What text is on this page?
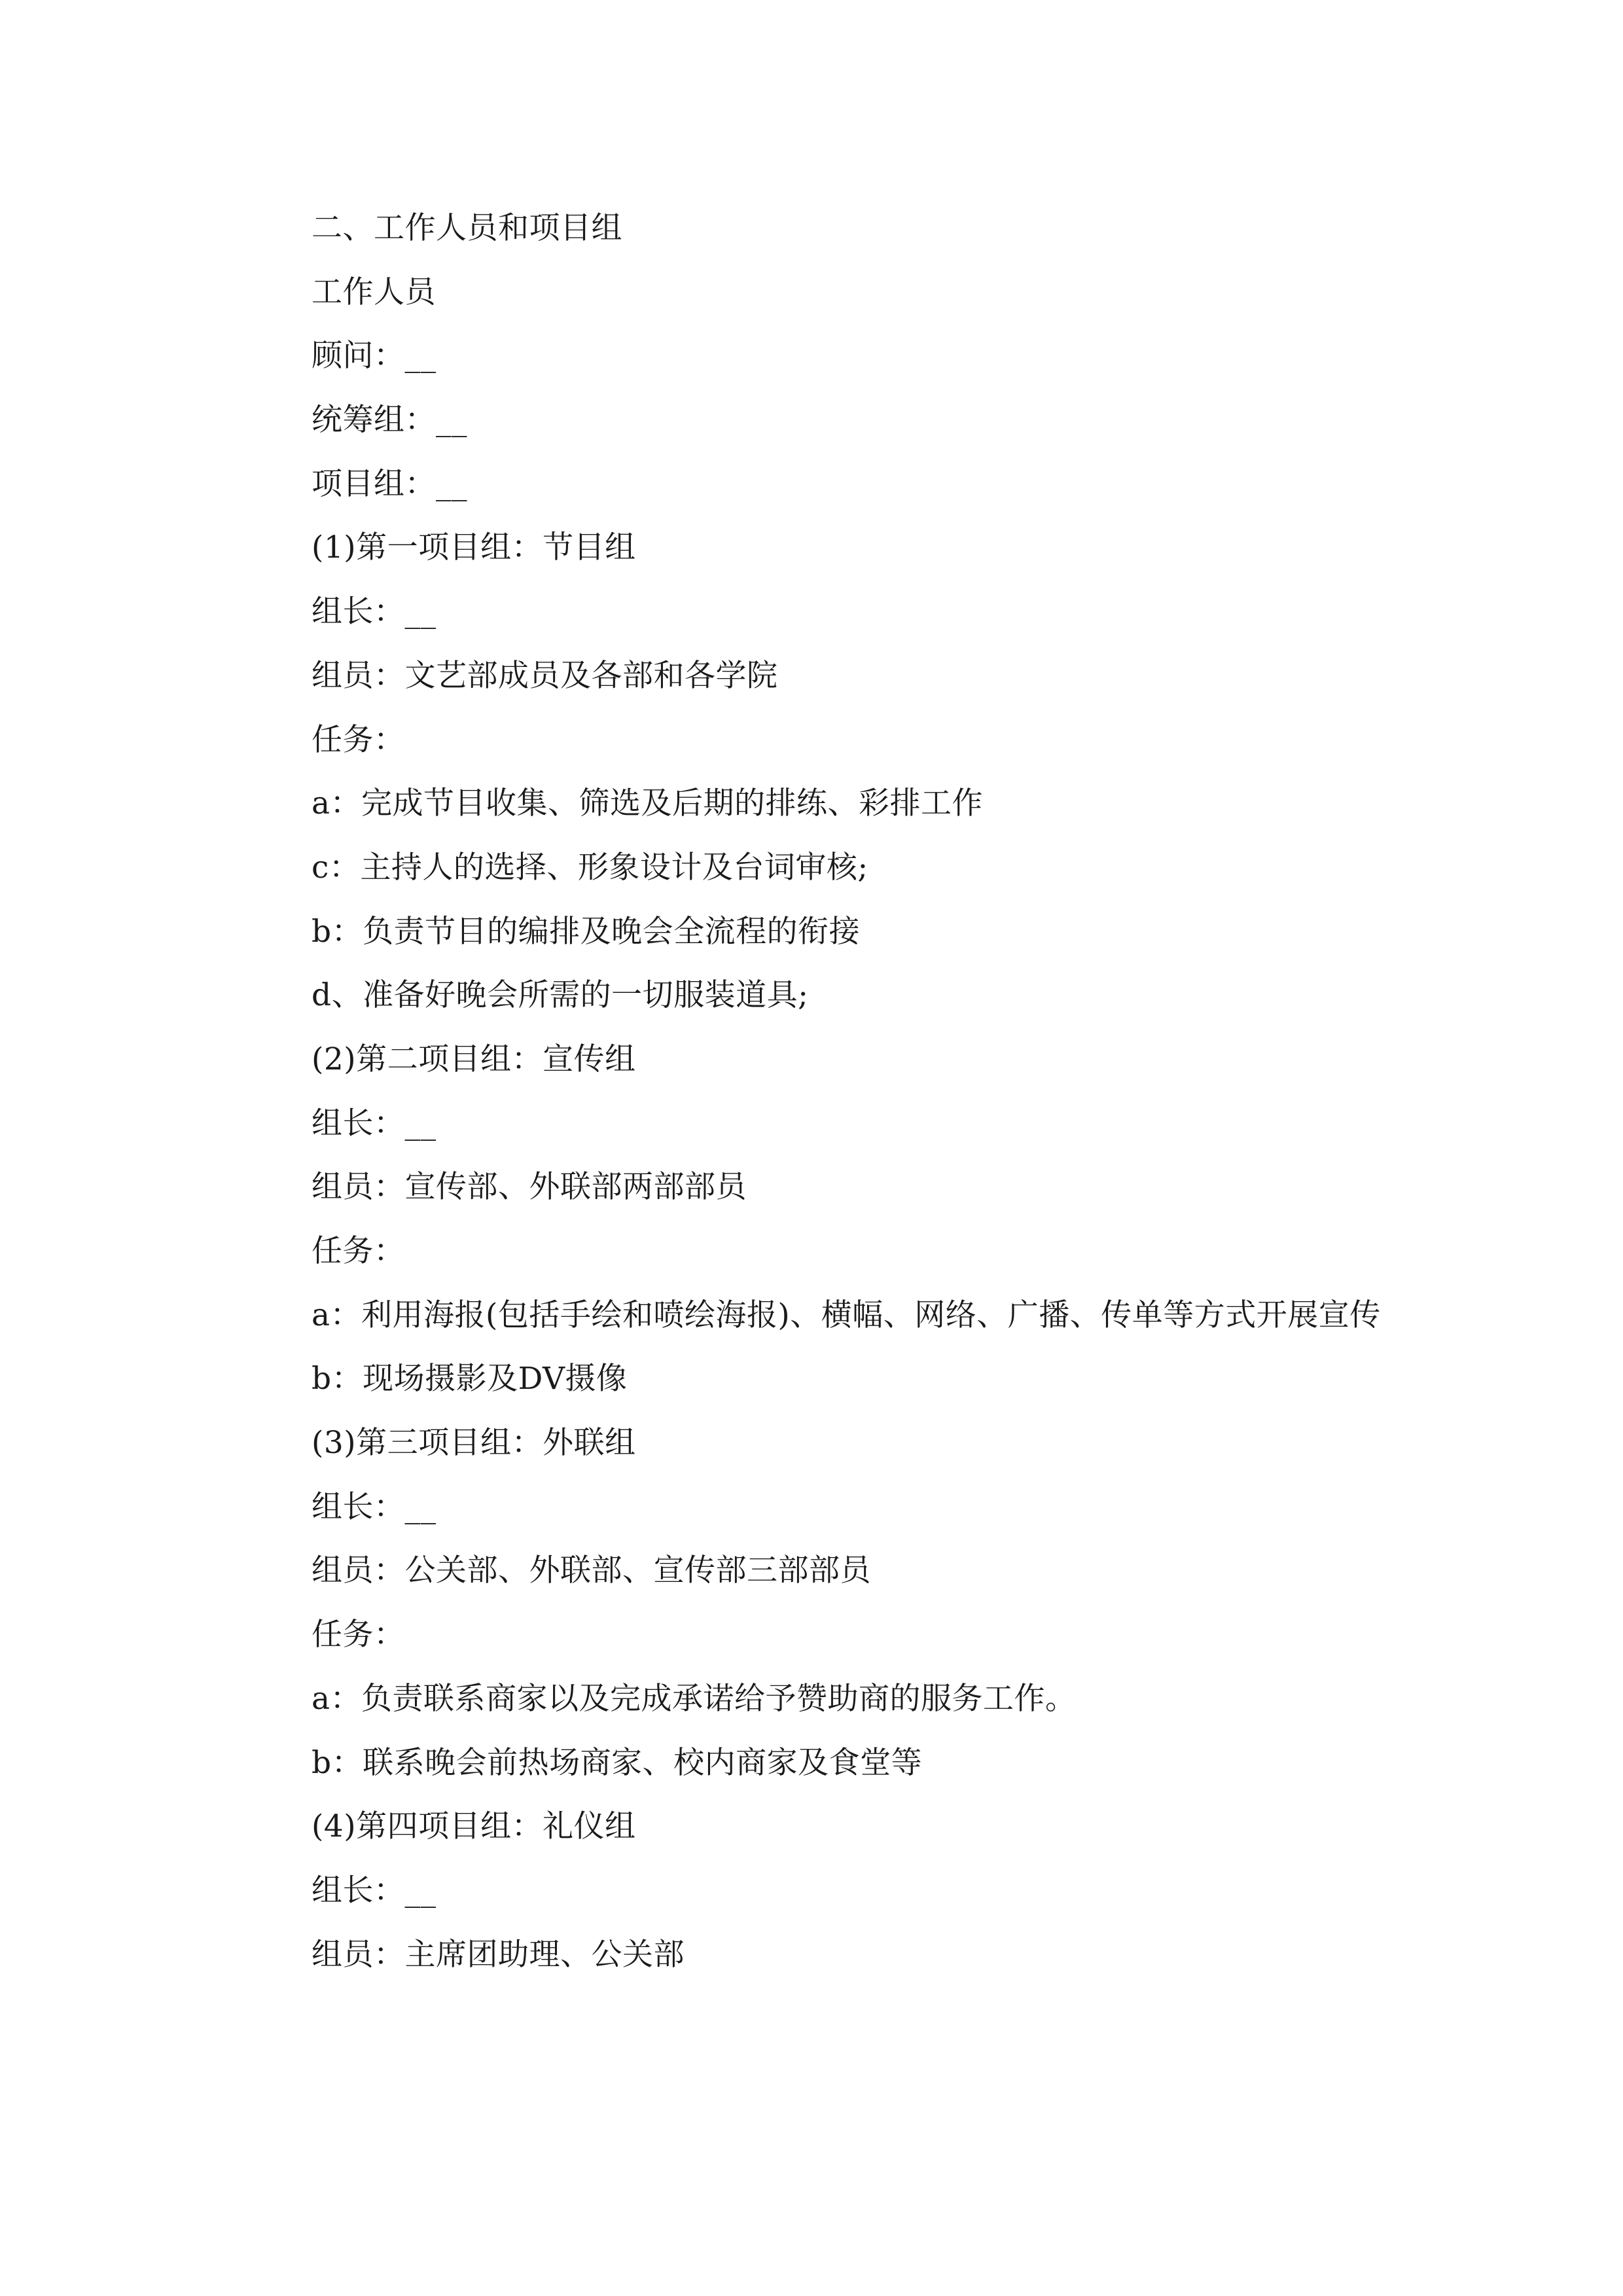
二、工作人员和项目组
工作人员
顾问：__
统筹组：__
项目组：__
(1)第一项目组：节目组
组长：__
组员：文艺部成员及各部和各学院
任务：
a：完成节目收集、筛选及后期的排练、彩排工作
c：主持人的选择、形象设计及台词审核;
b：负责节目的编排及晚会全流程的衔接
d、准备好晚会所需的一切服装道具;
(2)第二项目组：宣传组
组长：__
组员：宣传部、外联部两部部员
任务：
a：利用海报(包括手绘和喷绘海报)、横幅、网络、广播、传单等方式开展宣传
b：现场摄影及DV摄像
(3)第三项目组：外联组
组长：__
组员：公关部、外联部、宣传部三部部员
任务：
a：负责联系商家以及完成承诺给予赞助商的服务工作。
b：联系晚会前热场商家、校内商家及食堂等
(4)第四项目组：礼仪组
组长：__
组员：主席团助理、公关部
